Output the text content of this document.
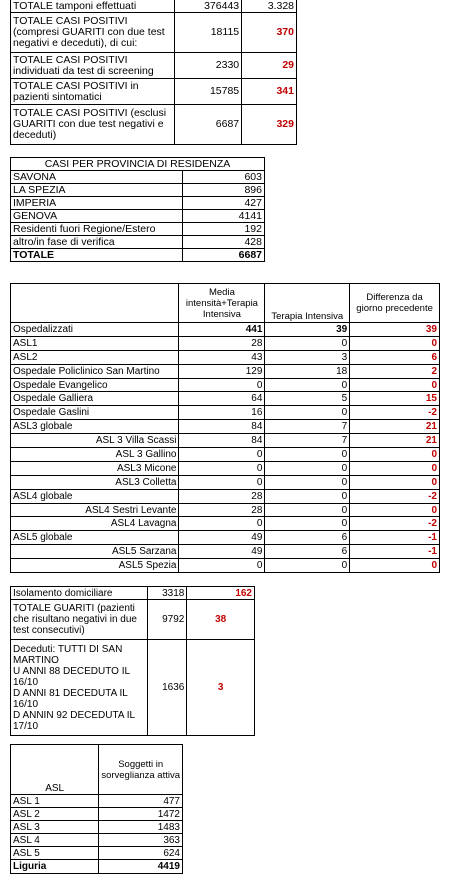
TOTALE tamponi effettuati	376443	3.328
TOTALE CASI POSITIVI (compresi GUARITI con due test negativi e deceduti), di cui:	18115	370
TOTALE CASI POSITIVI individuati da test di screening	2330	29
TOTALE CASI POSITIVI in pazienti sintomatici	15785	341
TOTALE CASI POSITIVI (esclusi GUARITI con due test negativi e deceduti)	6687	329
CASI PER PROVINCIA DI RESIDENZA	
SAVONA	603
LA SPEZIA	896
IMPERIA	427
GENOVA	4141
Residenti fuori Regione/Estero	192
altro/in fase di verifica	428
TOTALE	6687
	Media intensità+Terapia Intensiva	Terapia Intensiva	Differenza da giorno precedente
Ospedalizzati	441	39	39
ASL1	28	0	0
ASL2	43	3	6
Ospedale Policlinico San Martino	129	18	2
Ospedale Evangelico	0	0	0
Ospedale Galliera	64	5	15
Ospedale Gaslini	16	0	-2
ASL3 globale	84	7	21
ASL 3 Villa Scassi	84	7	21
ASL 3 Gallino	0	0	0
ASL3 Micone	0	0	0
ASL3 Colletta	0	0	0
ASL4 globale	28	0	-2
ASL4 Sestri Levante	28	0	0
ASL4 Lavagna	0	0	-2
ASL5 globale	49	6	-1
ASL5 Sarzana	49	6	-1
ASL5 Spezia	0	0	0
Isolamento domiciliare	3318	162
TOTALE GUARITI (pazienti che risultano negativi in due test consecutivi)	9792	38
Deceduti: TUTTI DI SAN MARTINO
U ANNI 88 DECEDUTO IL 16/10
D ANNI 81 DECEDUTA IL 16/10
D ANNIN 92 DECEDUTA IL 17/10	1636	3
ASL	Soggetti in sorveglianza attiva
ASL 1	477
ASL 2	1472
ASL 3	1483
ASL 4	363
ASL 5	624
Liguria	4419
